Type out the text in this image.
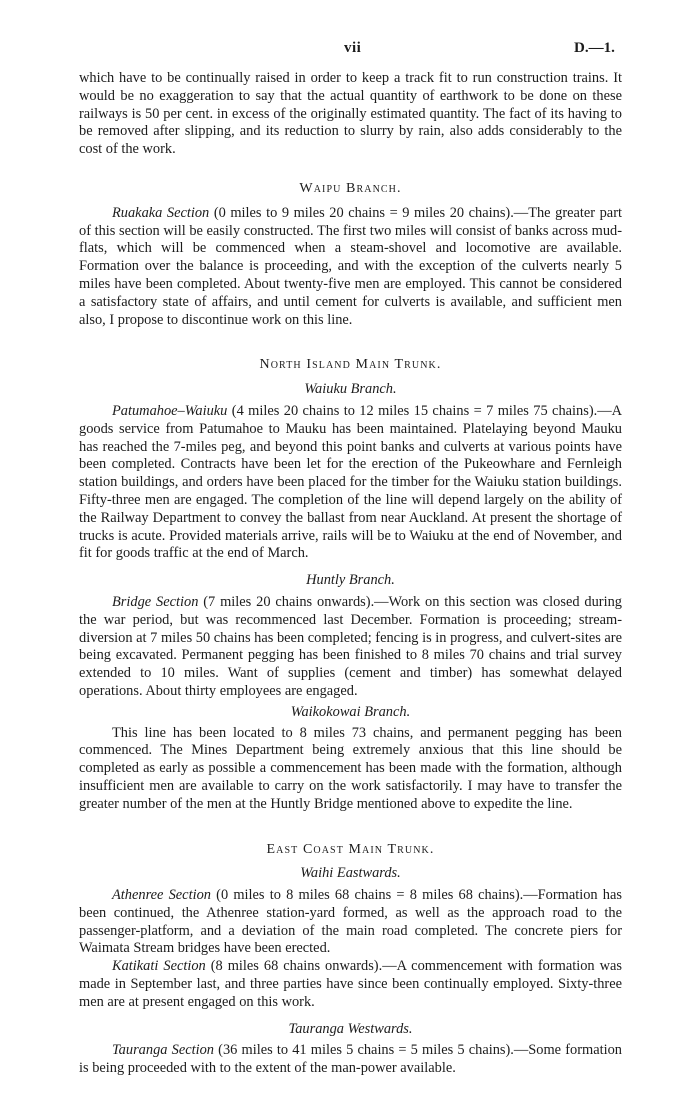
vii	D.—1.

which have to be continually raised in order to keep a track fit to run construction trains. It would be no exaggeration to say that the actual quantity of earthwork to be done on these railways is 50 per cent. in excess of the originally estimated quantity. The fact of its having to be removed after slipping, and its reduction to slurry by rain, also adds considerably to the cost of the work.

Waipu Branch.

Ruakaka Section (0 miles to 9 miles 20 chains = 9 miles 20 chains).—The greater part of this section will be easily constructed. The first two miles will consist of banks across mud-flats, which will be commenced when a steam-shovel and locomotive are available. Formation over the balance is proceeding, and with the exception of the culverts nearly 5 miles have been completed. About twenty-five men are employed. This cannot be considered a satisfactory state of affairs, and until cement for culverts is available, and sufficient men also, I propose to discontinue work on this line.

North Island Main Trunk.

Waiuku Branch.

Patumahoe–Waiuku (4 miles 20 chains to 12 miles 15 chains = 7 miles 75 chains).—A goods service from Patumahoe to Mauku has been maintained. Platelaying beyond Mauku has reached the 7-miles peg, and beyond this point banks and culverts at various points have been completed. Contracts have been let for the erection of the Pukeowhare and Fernleigh station buildings, and orders have been placed for the timber for the Waiuku station buildings. Fifty-three men are engaged. The completion of the line will depend largely on the ability of the Railway Department to convey the ballast from near Auckland. At present the shortage of trucks is acute. Provided materials arrive, rails will be to Waiuku at the end of November, and fit for goods traffic at the end of March.

Huntly Branch.

Bridge Section (7 miles 20 chains onwards).—Work on this section was closed during the war period, but was recommenced last December. Formation is proceeding; stream-diversion at 7 miles 50 chains has been completed; fencing is in progress, and culvert-sites are being excavated. Permanent pegging has been finished to 8 miles 70 chains and trial survey extended to 10 miles. Want of supplies (cement and timber) has somewhat delayed operations. About thirty employees are engaged.

Waikokowai Branch.

This line has been located to 8 miles 73 chains, and permanent pegging has been commenced. The Mines Department being extremely anxious that this line should be completed as early as possible a commencement has been made with the formation, although insufficient men are available to carry on the work satisfactorily. I may have to transfer the greater number of the men at the Huntly Bridge mentioned above to expedite the line.

East Coast Main Trunk.

Waihi Eastwards.

Athenree Section (0 miles to 8 miles 68 chains = 8 miles 68 chains).—Formation has been continued, the Athenree station-yard formed, as well as the approach road to the passenger-platform, and a deviation of the main road completed. The concrete piers for Waimata Stream bridges have been erected.

Katikati Section (8 miles 68 chains onwards).—A commencement with formation was made in September last, and three parties have since been continually employed. Sixty-three men are at present engaged on this work.

Tauranga Westwards.

Tauranga Section (36 miles to 41 miles 5 chains = 5 miles 5 chains).—Some formation is being proceeded with to the extent of the man-power available.
